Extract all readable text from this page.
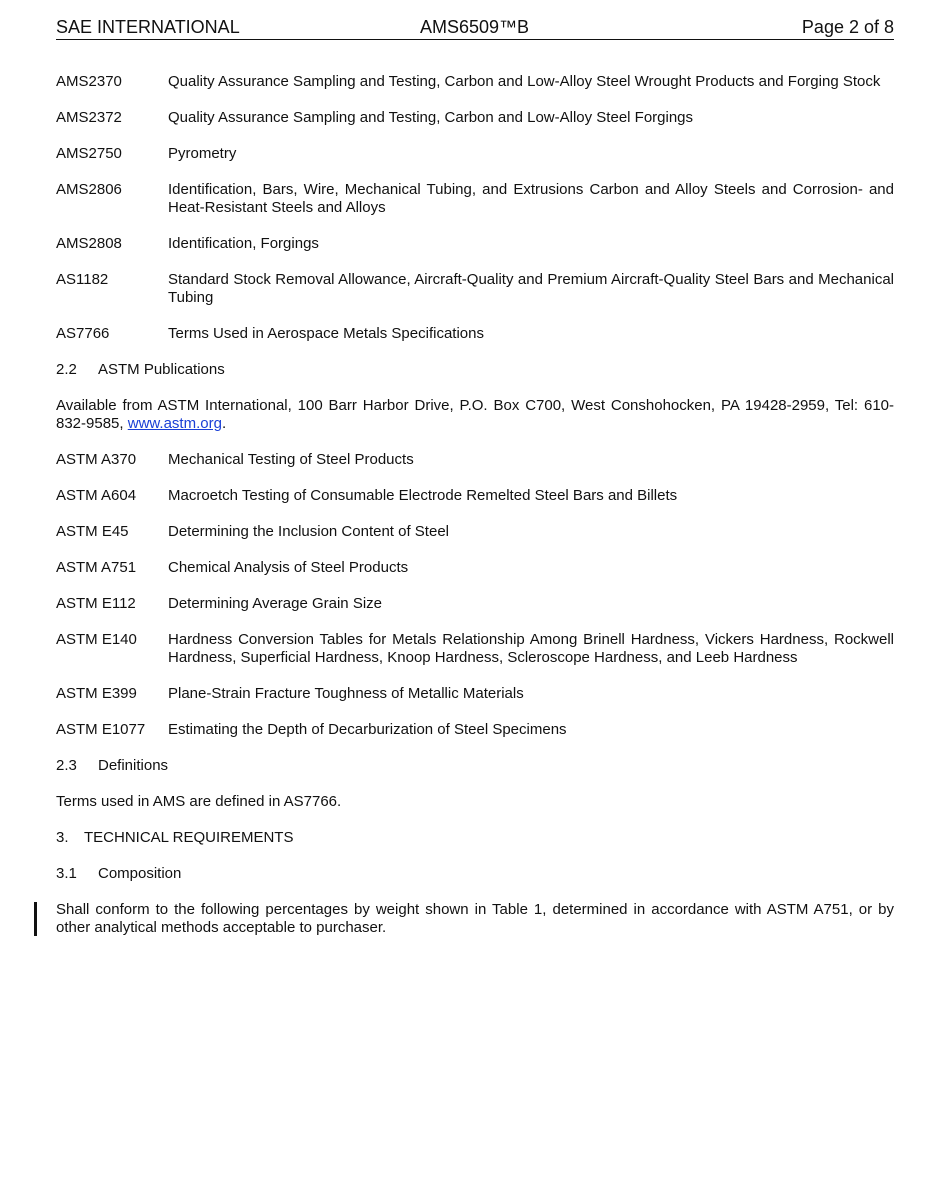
SAE INTERNATIONAL	AMS6509™B	Page 2 of 8
AMS2370	Quality Assurance Sampling and Testing, Carbon and Low-Alloy Steel Wrought Products and Forging Stock
AMS2372	Quality Assurance Sampling and Testing, Carbon and Low-Alloy Steel Forgings
AMS2750	Pyrometry
AMS2806	Identification, Bars, Wire, Mechanical Tubing, and Extrusions Carbon and Alloy Steels and Corrosion- and Heat-Resistant Steels and Alloys
AMS2808	Identification, Forgings
AS1182	Standard Stock Removal Allowance, Aircraft-Quality and Premium Aircraft-Quality Steel Bars and Mechanical Tubing
AS7766	Terms Used in Aerospace Metals Specifications
2.2 ASTM Publications
Available from ASTM International, 100 Barr Harbor Drive, P.O. Box C700, West Conshohocken, PA 19428-2959, Tel: 610-832-9585, www.astm.org.
ASTM A370	Mechanical Testing of Steel Products
ASTM A604	Macroetch Testing of Consumable Electrode Remelted Steel Bars and Billets
ASTM E45	Determining the Inclusion Content of Steel
ASTM A751	Chemical Analysis of Steel Products
ASTM E112	Determining Average Grain Size
ASTM E140	Hardness Conversion Tables for Metals Relationship Among Brinell Hardness, Vickers Hardness, Rockwell Hardness, Superficial Hardness, Knoop Hardness, Scleroscope Hardness, and Leeb Hardness
ASTM E399	Plane-Strain Fracture Toughness of Metallic Materials
ASTM E1077	Estimating the Depth of Decarburization of Steel Specimens
2.3 Definitions
Terms used in AMS are defined in AS7766.
3. TECHNICAL REQUIREMENTS
3.1 Composition
Shall conform to the following percentages by weight shown in Table 1, determined in accordance with ASTM A751, or by other analytical methods acceptable to purchaser.
